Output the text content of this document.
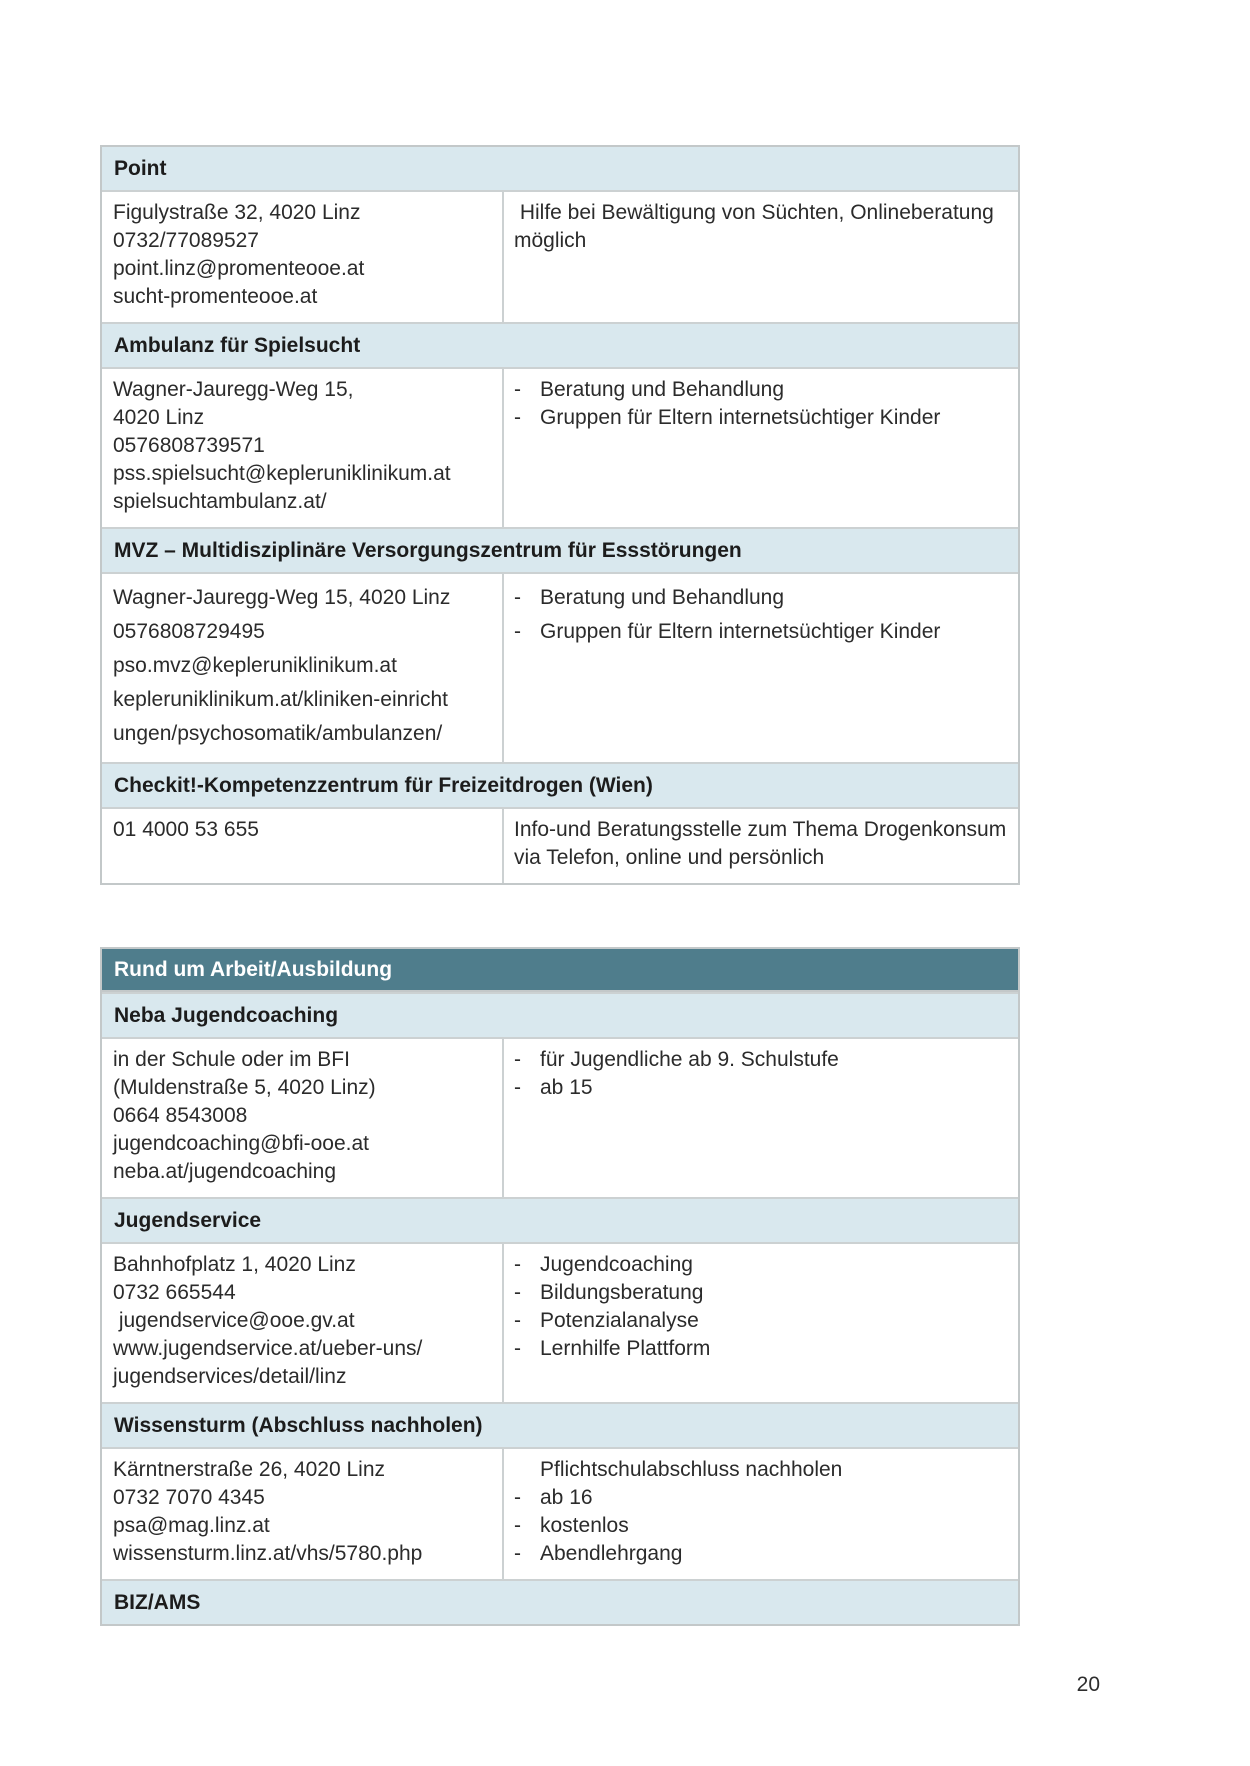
Point

Figulystraße 32, 4020 Linz

0732/77089527

point.linz@promenteooe.at

sucht-promenteooe.at

Hilfe bei Bewältigung von Süchten, Onlineberatung möglich

Ambulanz für Spielsucht

Wagner-Jauregg-Weg 15,

4020 Linz

0576808739571

pss.spielsucht@kepleruniklinikum.at

spielsuchtambulanz.at/

- Beratung und Behandlung

- Gruppen für Eltern internetsüchtiger Kinder

MVZ – Multidisziplinäre Versorgungszentrum für Essstörungen

Wagner-Jauregg-Weg 15, 4020 Linz

0576808729495

pso.mvz@kepleruniklinikum.at

kepleruniklinikum.at/kliniken-einricht

ungen/psychosomatik/ambulanzen/

- Beratung und Behandlung

- Gruppen für Eltern internetsüchtiger Kinder

Checkit!-Kompetenzzentrum für Freizeitdrogen (Wien)

01 4000 53 655	Info-und Beratungsstelle zum Thema Drogenkonsum via Telefon, online und persönlich

Rund um Arbeit/Ausbildung
Neba Jugendcoaching

in der Schule oder im BFI

(Muldenstraße 5, 4020 Linz)

0664 8543008

jugendcoaching@bfi-ooe.at

neba.at/jugendcoaching

- für Jugendliche ab 9. Schulstufe

- ab 15

Jugendservice

Bahnhofplatz 1, 4020 Linz

0732 665544

jugendservice@ooe.gv.at

www.jugendservice.at/ueber-uns/

jugendservices/detail/linz

- Jugendcoaching

- Bildungsberatung

- Potenzialanalyse

- Lernhilfe Plattform

Wissensturm (Abschluss nachholen)

Kärntnerstraße 26, 4020 Linz

0732 7070 4345

psa@mag.linz.at

wissensturm.linz.at/vhs/5780.php

Pflichtschulabschluss nachholen

- ab 16

- kostenlos

- Abendlehrgang

BIZ/AMS
20
